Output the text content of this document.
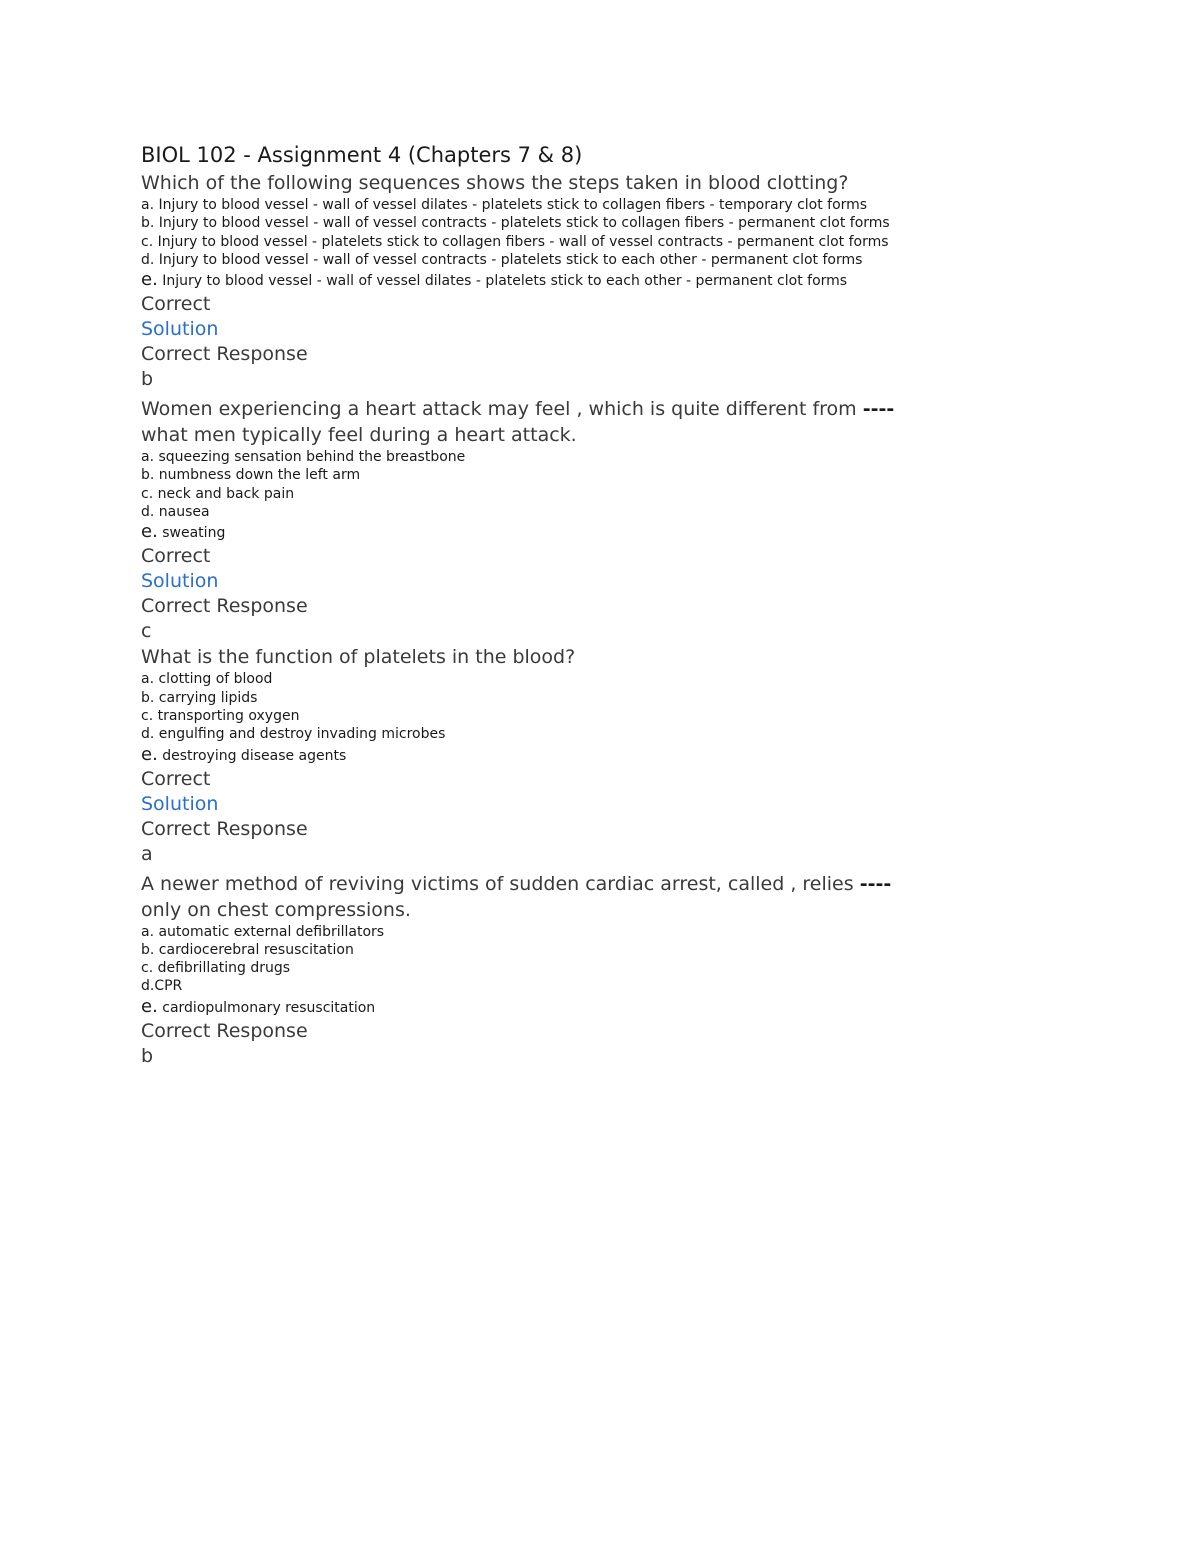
BIOL 102 - Assignment 4 (Chapters 7 & 8)
Which of the following sequences shows the steps taken in blood clotting?
a. Injury to blood vessel - wall of vessel dilates - platelets stick to collagen fibers - temporary clot forms
b. Injury to blood vessel - wall of vessel contracts - platelets stick to collagen fibers - permanent clot forms
c. Injury to blood vessel - platelets stick to collagen fibers - wall of vessel contracts - permanent clot forms
d. Injury to blood vessel - wall of vessel contracts - platelets stick to each other - permanent clot forms
e. Injury to blood vessel - wall of vessel dilates - platelets stick to each other - permanent clot forms
Correct
Solution
Correct Response
b
Women experiencing a heart attack may feel , which is quite different from ----
what men typically feel during a heart attack.
a. squeezing sensation behind the breastbone
b. numbness down the left arm
c. neck and back pain
d. nausea
e. sweating
Correct
Solution
Correct Response
c
What is the function of platelets in the blood?
a. clotting of blood
b. carrying lipids
c. transporting oxygen
d. engulfing and destroy invading microbes
e. destroying disease agents
Correct
Solution
Correct Response
a
A newer method of reviving victims of sudden cardiac arrest, called , relies ----
only on chest compressions.
a. automatic external defibrillators
b. cardiocerebral resuscitation
c. defibrillating drugs
d.CPR
e. cardiopulmonary resuscitation
Correct Response
b
